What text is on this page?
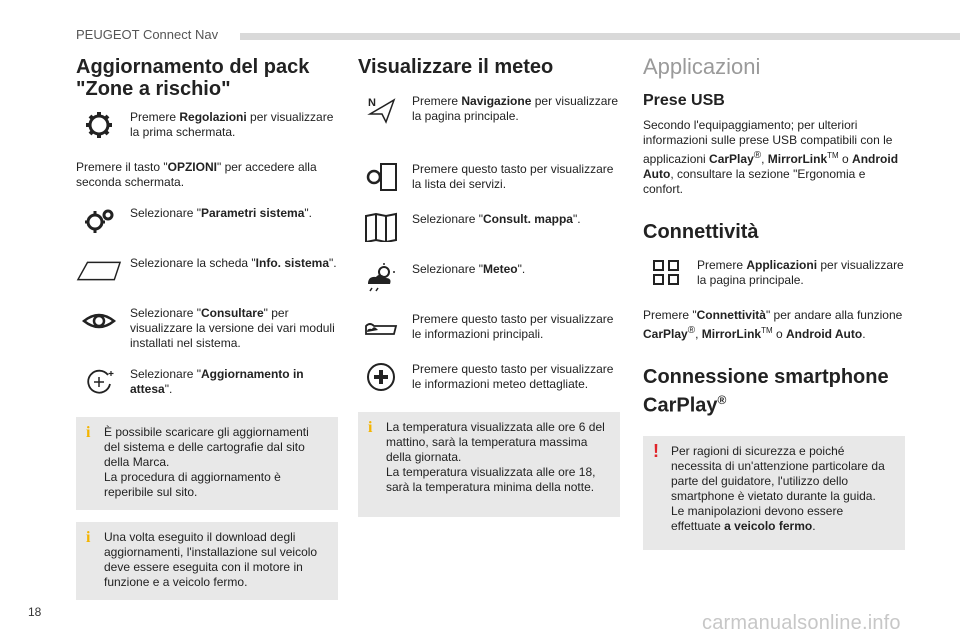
PEUGEOT Connect Nav
Aggiornamento del pack "Zone a rischio"
Premere Regolazioni per visualizzare la prima schermata.

Premere il tasto "OPZIONI" per accedere alla seconda schermata.

Selezionare "Parametri sistema".
Selezionare la scheda "Info. sistema".
Selezionare "Consultare" per visualizzare la versione dei vari moduli installati nel sistema.
Selezionare "Aggiornamento in attesa".
i È possibile scaricare gli aggiornamenti del sistema e delle cartografie dal sito della Marca.
La procedura di aggiornamento è reperibile sul sito.

i Una volta eseguito il download degli aggiornamenti, l'installazione sul veicolo deve essere eseguita con il motore in funzione e a veicolo fermo.

Visualizzare il meteo
N	Premere Navigazione per visualizzare la pagina principale.
Premere questo tasto per visualizzare la lista dei servizi.
Selezionare "Consult. mappa".
Selezionare "Meteo".
Premere questo tasto per visualizzare le informazioni principali.
Premere questo tasto per visualizzare le informazioni meteo dettagliate.
i La temperatura visualizzata alle ore 6 del mattino, sarà la temperatura massima della giornata.
La temperatura visualizzata alle ore 18, sarà la temperatura minima della notte.

Applicazioni
Prese USB

Secondo l'equipaggiamento; per ulteriori informazioni sulle prese USB compatibili con le applicazioni CarPlay®, MirrorLink™ o Android Auto, consultare la sezione "Ergonomia e confort.

Connettività
Premere Applicazioni per visualizzare la pagina principale.

Premere "Connettività" per andare alla funzione CarPlay®, MirrorLink™ o Android Auto.

Connessione smartphone CarPlay®
! Per ragioni di sicurezza e poiché necessita di un'attenzione particolare da parte del guidatore, l'utilizzo dello smartphone è vietato durante la guida.
Le manipolazioni devono essere effettuate a veicolo fermo.

18	carmanualsonline.info
